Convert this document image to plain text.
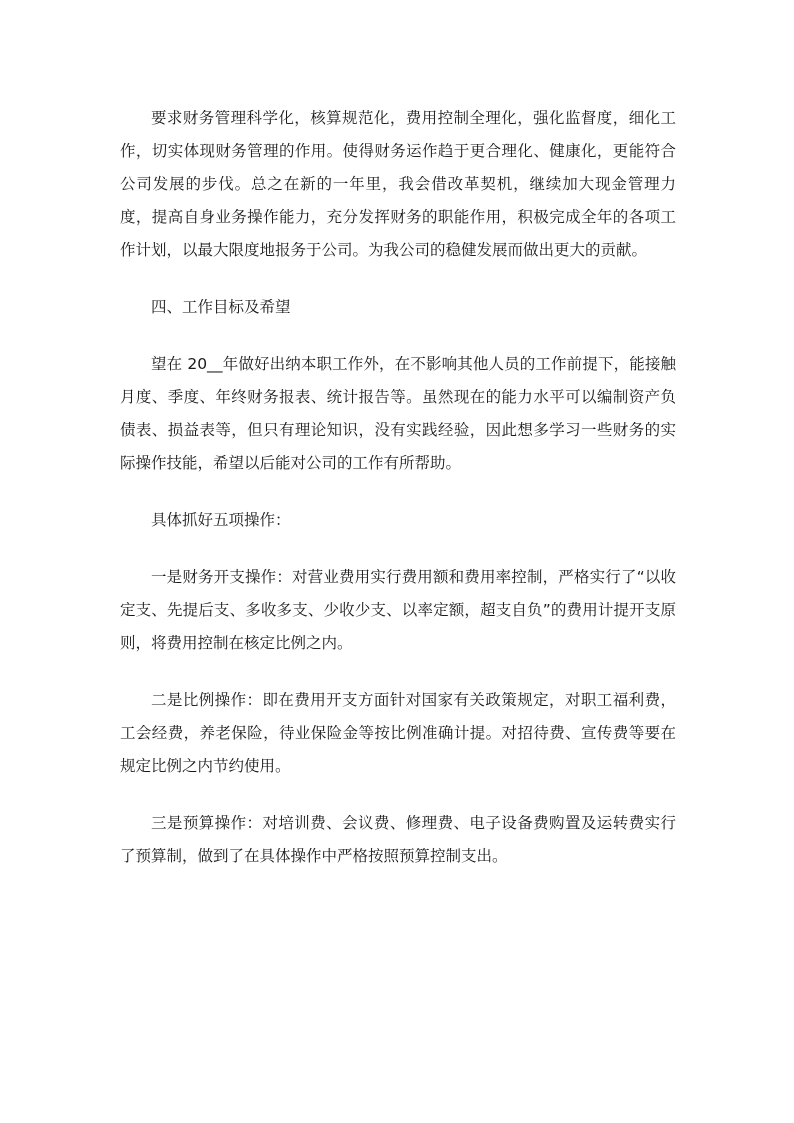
要求财务管理科学化，核算规范化，费用控制全理化，强化监督度，细化工作，切实体现财务管理的作用。使得财务运作趋于更合理化、健康化，更能符合公司发展的步伐。总之在新的一年里，我会借改革契机，继续加大现金管理力度，提高自身业务操作能力，充分发挥财务的职能作用，积极完成全年的各项工作计划，以最大限度地报务于公司。为我公司的稳健发展而做出更大的贡献。

四、工作目标及希望

望在 20__年做好出纳本职工作外，在不影响其他人员的工作前提下，能接触月度、季度、年终财务报表、统计报告等。虽然现在的能力水平可以编制资产负债表、损益表等，但只有理论知识，没有实践经验，因此想多学习一些财务的实际操作技能，希望以后能对公司的工作有所帮助。

具体抓好五项操作：

一是财务开支操作：对营业费用实行费用额和费用率控制，严格实行了“以收定支、先提后支、多收多支、少收少支、以率定额，超支自负”的费用计提开支原则，将费用控制在核定比例之内。

二是比例操作：即在费用开支方面针对国家有关政策规定，对职工福利费，工会经费，养老保险，待业保险金等按比例准确计提。对招待费、宣传费等要在规定比例之内节约使用。

三是预算操作：对培训费、会议费、修理费、电子设备费购置及运转费实行了预算制，做到了在具体操作中严格按照预算控制支出。
